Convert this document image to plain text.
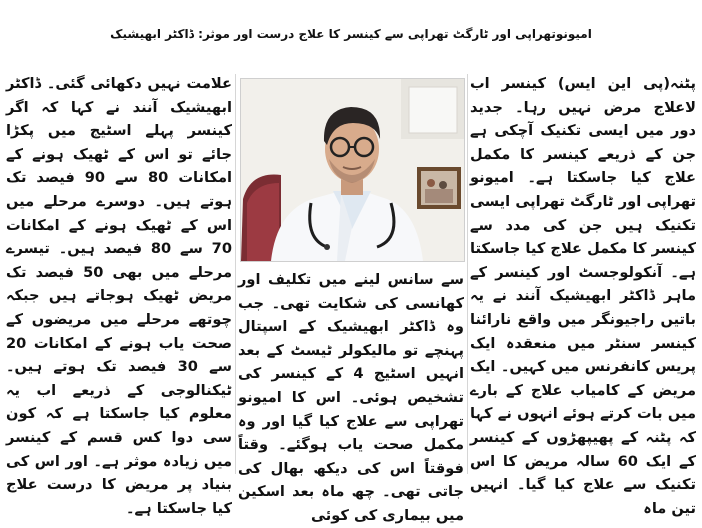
امیونوتھراپی اور ٹارگٹ تھراپی سے کینسر کا علاج درست اور موثر: ڈاکٹر ابھیشیک

پٹنہ(پی این ایس) کینسر اب لاعلاج مرض نہیں رہا۔ جدید دور میں ایسی تکنیک آچکی ہے جن کے ذریعے کینسر کا مکمل علاج کیا جاسکتا ہے۔ امیونو تھراپی اور ٹارگٹ تھراپی ایسی تکنیک ہیں جن کی مدد سے کینسر کا مکمل علاج کیا جاسکتا ہے۔ آنکولوجسٹ اور کینسر کے ماہر ڈاکٹر ابھیشیک آنند نے یہ باتیں راجیونگر میں واقع نارائنا کینسر سنٹر میں منعقدہ ایک پریس کانفرنس میں کہیں۔ ایک مریض کے کامیاب علاج کے بارے میں بات کرتے ہوئے انہوں نے کہا کہ پٹنہ کے پھیپھڑوں کے کینسر کے ایک 60 سالہ مریض کا اس تکنیک سے علاج کیا گیا۔ انہیں تین ماہ

سے سانس لینے میں تکلیف اور کھانسی کی شکایت تھی۔ جب وہ ڈاکٹر ابھیشیک کے اسپتال پہنچے تو مالیکولر ٹیسٹ کے بعد انہیں اسٹیج 4 کے کینسر کی تشخیص ہوئی۔ اس کا امیونو تھراپی سے علاج کیا گیا اور وہ مکمل صحت یاب ہوگئے۔ وقتاً فوقتاً اس کی دیکھ بھال کی جاتی تھی۔ چھ ماہ بعد اسکین میں بیماری کی کوئی

علامت نہیں دکھائی گئی۔ ڈاکٹر ابھیشیک آنند نے کہا کہ اگر کینسر پہلے اسٹیج میں پکڑا جائے تو اس کے ٹھیک ہونے کے امکانات 80 سے 90 فیصد تک ہوتے ہیں۔ دوسرے مرحلے میں اس کے ٹھیک ہونے کے امکانات 70 سے 80 فیصد ہیں۔ تیسرے مرحلے میں بھی 50 فیصد تک مریض ٹھیک ہوجاتے ہیں جبکہ چوتھے مرحلے میں مریضوں کے صحت یاب ہونے کے امکانات 20 سے 30 فیصد تک ہوتے ہیں۔ ٹیکنالوجی کے ذریعے اب یہ معلوم کیا جاسکتا ہے کہ کون سی دوا کس قسم کے کینسر میں زیادہ موثر ہے۔ اور اس کی بنیاد پر مریض کا درست علاج کیا جاسکتا ہے۔
